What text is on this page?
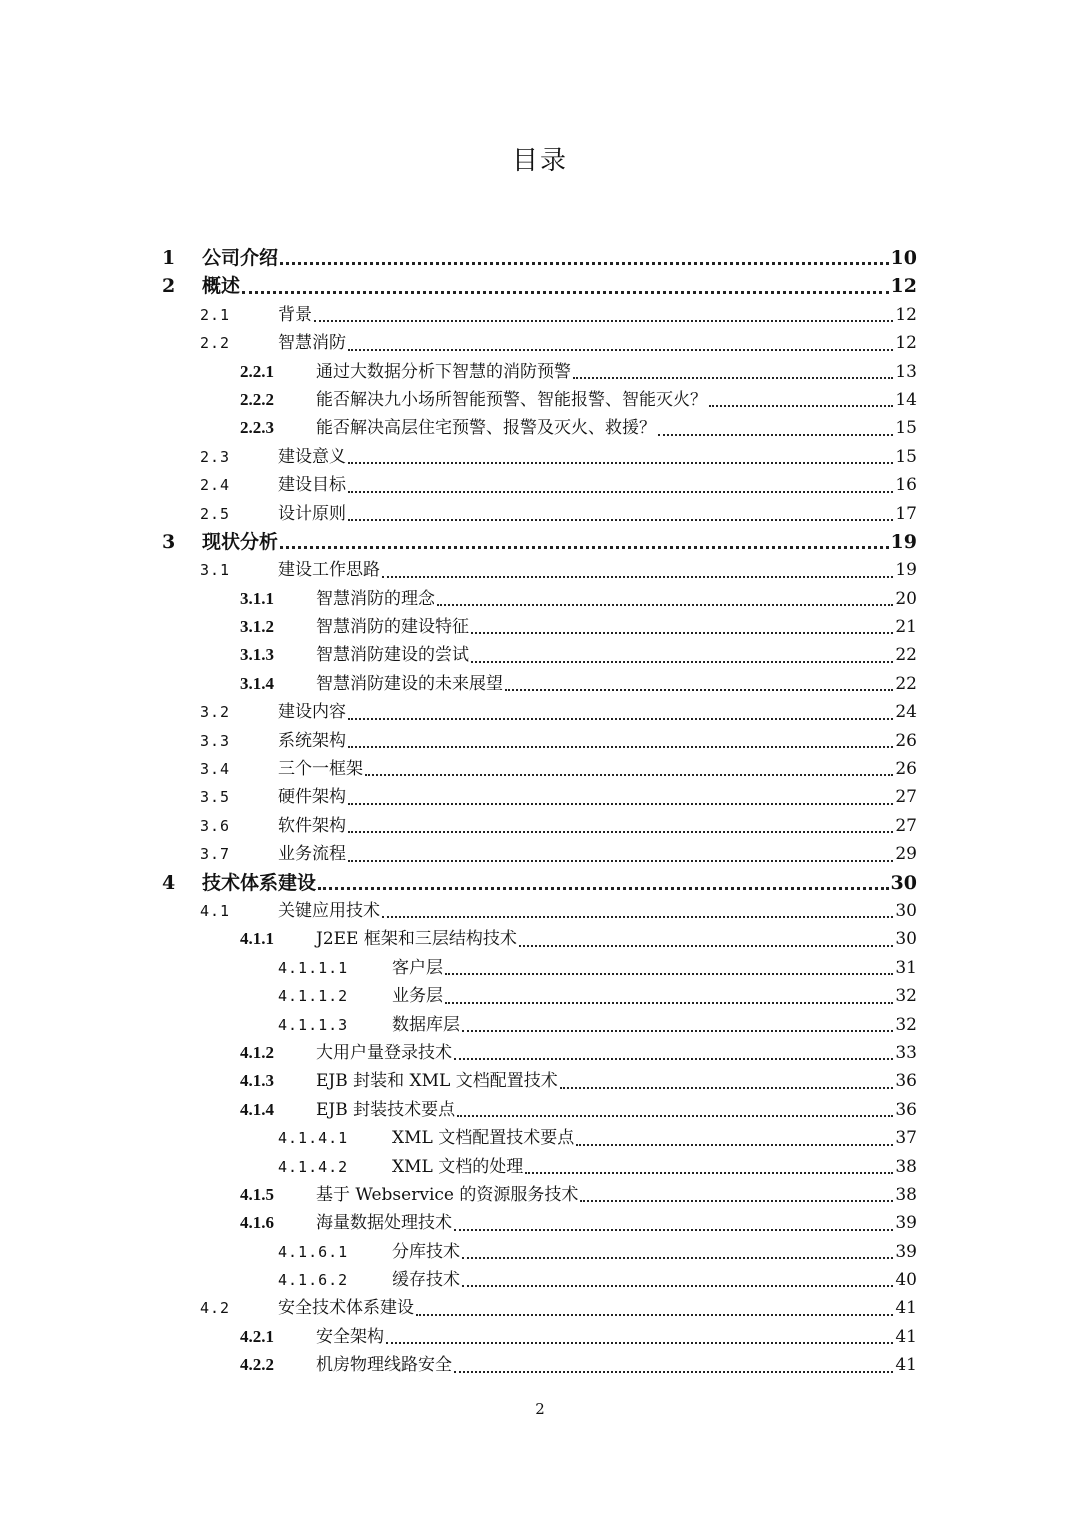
目录
1	公司介绍	10
2	概述	12
2.1	背景	12
2.2	智慧消防	12
2.2.1	通过大数据分析下智慧的消防预警	13
2.2.2	能否解决九小场所智能预警、智能报警、智能灭火？	14
2.2.3	能否解决高层住宅预警、报警及灭火、救援？	15
2.3	建设意义	15
2.4	建设目标	16
2.5	设计原则	17
3	现状分析	19
3.1	建设工作思路	19
3.1.1	智慧消防的理念	20
3.1.2	智慧消防的建设特征	21
3.1.3	智慧消防建设的尝试	22
3.1.4	智慧消防建设的未来展望	22
3.2	建设内容	24
3.3	系统架构	26
3.4	三个一框架	26
3.5	硬件架构	27
3.6	软件架构	27
3.7	业务流程	29
4	技术体系建设	30
4.1	关键应用技术	30
4.1.1	J2EE 框架和三层结构技术	30
4.1.1.1	客户层	31
4.1.1.2	业务层	32
4.1.1.3	数据库层	32
4.1.2	大用户量登录技术	33
4.1.3	EJB 封装和 XML 文档配置技术	36
4.1.4	EJB 封装技术要点	36
4.1.4.1	XML 文档配置技术要点	37
4.1.4.2	XML 文档的处理	38
4.1.5	基于 Webservice 的资源服务技术	38
4.1.6	海量数据处理技术	39
4.1.6.1	分库技术	39
4.1.6.2	缓存技术	40
4.2	安全技术体系建设	41
4.2.1	安全架构	41
4.2.2	机房物理线路安全	41
2
